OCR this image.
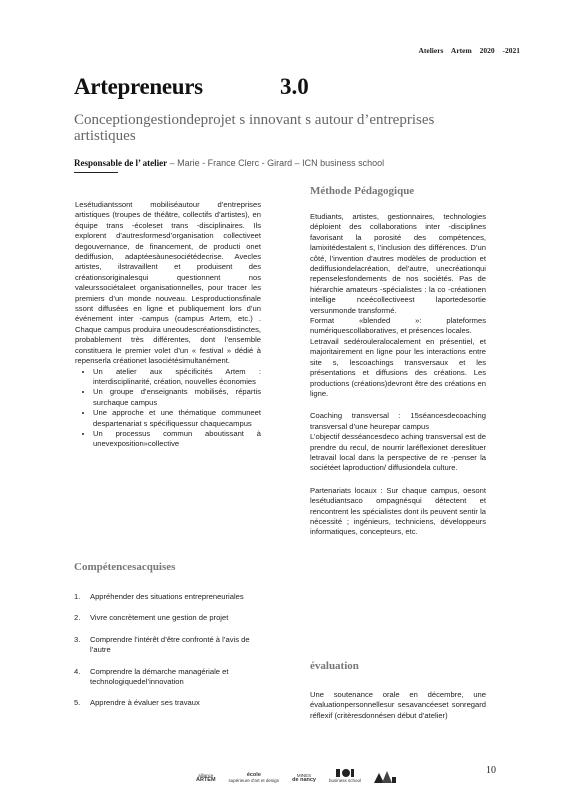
Ateliers Artem 2020 -2021
Artepreneurs	3.0
Conceptiongestiondeprojet s innovant s autour d’entreprises artistiques
Responsable de l’ atelier – Marie - France Clerc - Girard – ICN business school

Lesétudiantssont mobiliséautour d’entreprises artistiques (troupes de théâtre, collectifs d’artistes), en équipe trans -écoleset trans -disciplinaires. Ils explorent d’autresformesd’organisation collectiveet degouvernance, de financement, de producti onet dediffusion, adaptéesàunesociétédecrise. Avecles artistes, ilstravaillent et produisent des créationsoriginalesqui questionnent nos valeurssociétaleet organisationnelles, pour tracer les premiers d’un monde nouveau. Lesproductionsfinale ssont diffusées en ligne et publiquement lors d’un événement inter -campus (campus Artem, etc.) . Chaque campus produira uneoudescréationsdistinctes, probablement très différentes, dont l’ensemble constituera le premier volet d’un « festival » dédié à repenserla créationet lasociétésimultanément.

• Un atelier aux spécificités Artem : interdisciplinarité, création, nouvelles économies
• Un groupe d’enseignants mobilisés, répartis surchaque campus
• Une approche et une thématique communeet despartenariat s spécifiquessur chaquecampus
• Un processus commun aboutissant à unevexposition»collective
Compétencesacquises
1.	Appréhender des situations entrepreneuriales
2.	Vivre concrètement une gestion de projet
3.	Comprendre l’intérêt d’être confronté à l’avis de l’autre
4.	Comprendre la démarche managériale et technologiquedel’innovation
5.	Apprendre à évaluer ses travaux
Méthode Pédagogique

Etudiants, artistes, gestionnaires, technologies déploient des collaborations inter -disciplines favorisant la porosité des compétences, lamixitédestalent s, l’inclusion des différences. D’un côté, l’invention d’autres modèles de production et dediffusiondelacréation, del’autre, unecréationqui repenselesfondements de nos sociétés. Pas de hiérarchie amateurs -spécialistes : la co -créationen intellige nceécollectiveest laportedesortie versunmonde transformé.

Format «blended »: plateformes numériquescollaboratives, et présences locales.

Letravail sedérouleralocalement en présentiel, et majoritairement en ligne pour les interactions entre site s, lescoachings transversaux et les présentations et diffusions des créations. Les productions (créations)devront être des créations en ligne.

Coaching transversal : 15séancesdecoaching transversal d’une heurepar campus

L’objectif desséancesdeco aching transversal est de prendre du recul, de nourrir laréflexionet dereslituer letravail local dans la perspective de re -penser la sociétéet laproduction/ diffusiondela culture.

Partenariats locaux : Sur chaque campus, oesont lesétudiantsaco ompagnésqui détectent et rencontrent les spécialistes dont ils peuvent sentir la nécessité ; ingénieurs, techniciens, développeurs informatiques, concepteurs, etc.

évaluation

Une soutenance orale en décembre, une évaluationpersonnellesur sesavancéeset sonregard réflexif (critèresdonnésen début d’atelier)

alliance
ARTEM
école
supérieure d'art et design
MINES
de nancy	business school
10
